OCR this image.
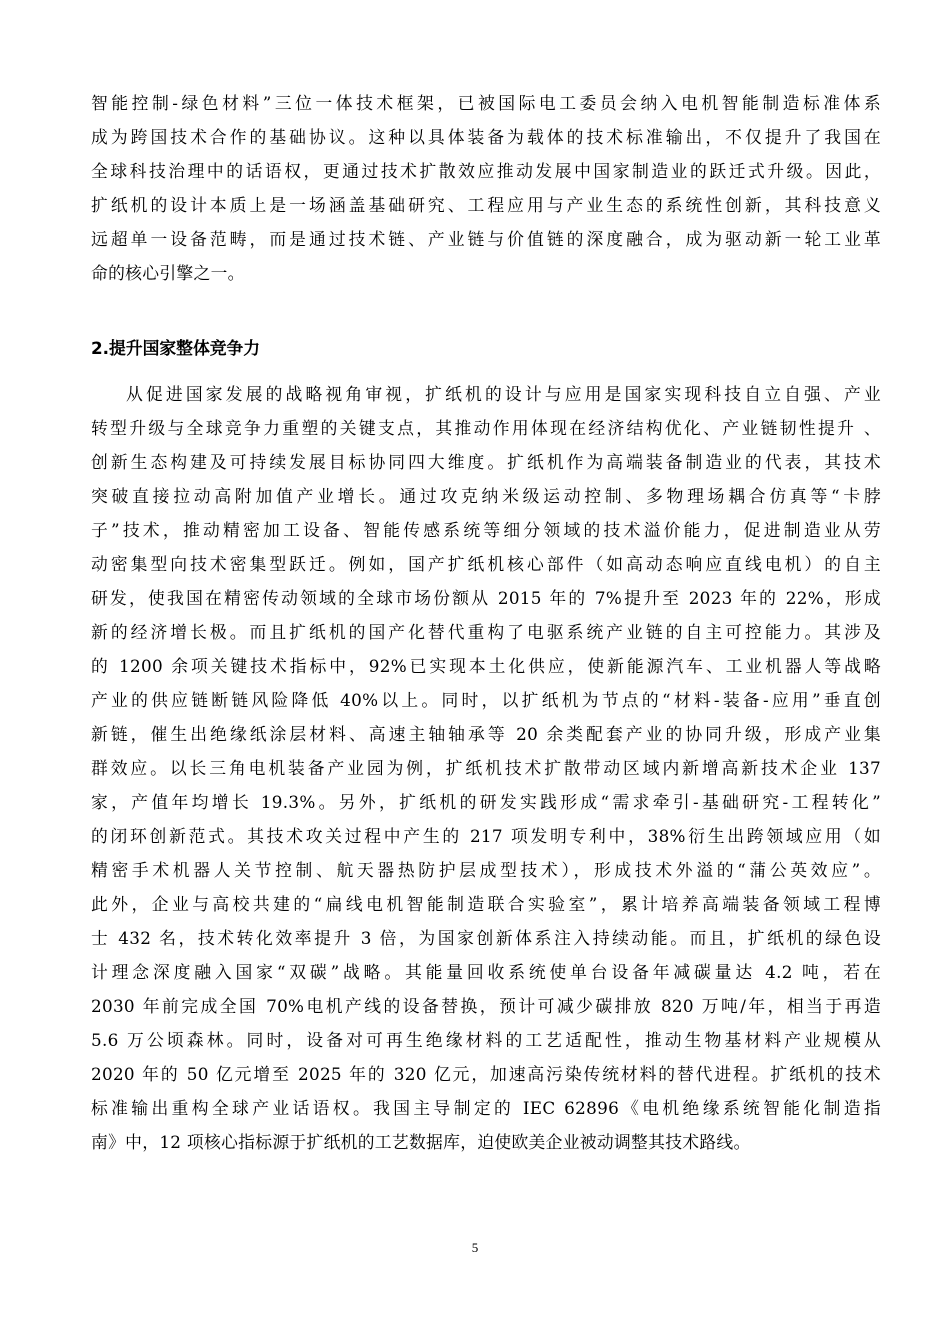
智能控制-绿色材料”三位一体技术框架，已被国际电工委员会纳入电机智能制造标准体系
成为跨国技术合作的基础协议。这种以具体装备为载体的技术标准输出，不仅提升了我国在
全球科技治理中的话语权，更通过技术扩散效应推动发展中国家制造业的跃迁式升级。因此，
扩纸机的设计本质上是一场涵盖基础研究、工程应用与产业生态的系统性创新，其科技意义
远超单一设备范畴，而是通过技术链、产业链与价值链的深度融合，成为驱动新一轮工业革
命的核心引擎之一。
2.提升国家整体竞争力
从促进国家发展的战略视角审视，扩纸机的设计与应用是国家实现科技自立自强、产业
转型升级与全球竞争力重塑的关键支点，其推动作用体现在经济结构优化、产业链韧性提升 、
创新生态构建及可持续发展目标协同四大维度。扩纸机作为高端装备制造业的代表，其技术
突破直接拉动高附加值产业增长。通过攻克纳米级运动控制、多物理场耦合仿真等“卡脖
子”技术，推动精密加工设备、智能传感系统等细分领域的技术溢价能力，促进制造业从劳
动密集型向技术密集型跃迁。例如，国产扩纸机核心部件（如高动态响应直线电机）的自主
研发，使我国在精密传动领域的全球市场份额从 2015 年的 7%提升至 2023 年的 22%，形成
新的经济增长极。而且扩纸机的国产化替代重构了电驱系统产业链的自主可控能力。其涉及
的 1200 余项关键技术指标中，92%已实现本土化供应，使新能源汽车、工业机器人等战略
产业的供应链断链风险降低 40%以上。同时，以扩纸机为节点的“材料-装备-应用”垂直创
新链，催生出绝缘纸涂层材料、高速主轴轴承等 20 余类配套产业的协同升级，形成产业集
群效应。以长三角电机装备产业园为例，扩纸机技术扩散带动区域内新增高新技术企业 137
家，产值年均增长 19.3%。另外，扩纸机的研发实践形成“需求牵引-基础研究-工程转化”
的闭环创新范式。其技术攻关过程中产生的 217 项发明专利中，38%衍生出跨领域应用（如
精密手术机器人关节控制、航天器热防护层成型技术），形成技术外溢的“蒲公英效应”。
此外，企业与高校共建的“扁线电机智能制造联合实验室”，累计培养高端装备领域工程博
士 432 名，技术转化效率提升 3 倍，为国家创新体系注入持续动能。而且，扩纸机的绿色设
计理念深度融入国家“双碳”战略。其能量回收系统使单台设备年减碳量达 4.2 吨，若在
2030 年前完成全国 70%电机产线的设备替换，预计可减少碳排放 820 万吨/年，相当于再造
5.6 万公顷森林。同时，设备对可再生绝缘材料的工艺适配性，推动生物基材料产业规模从
2020 年的 50 亿元增至 2025 年的 320 亿元，加速高污染传统材料的替代进程。扩纸机的技术
标准输出重构全球产业话语权。我国主导制定的 IEC 62896《电机绝缘系统智能化制造指
南》中，12 项核心指标源于扩纸机的工艺数据库，迫使欧美企业被动调整其技术路线。
5
